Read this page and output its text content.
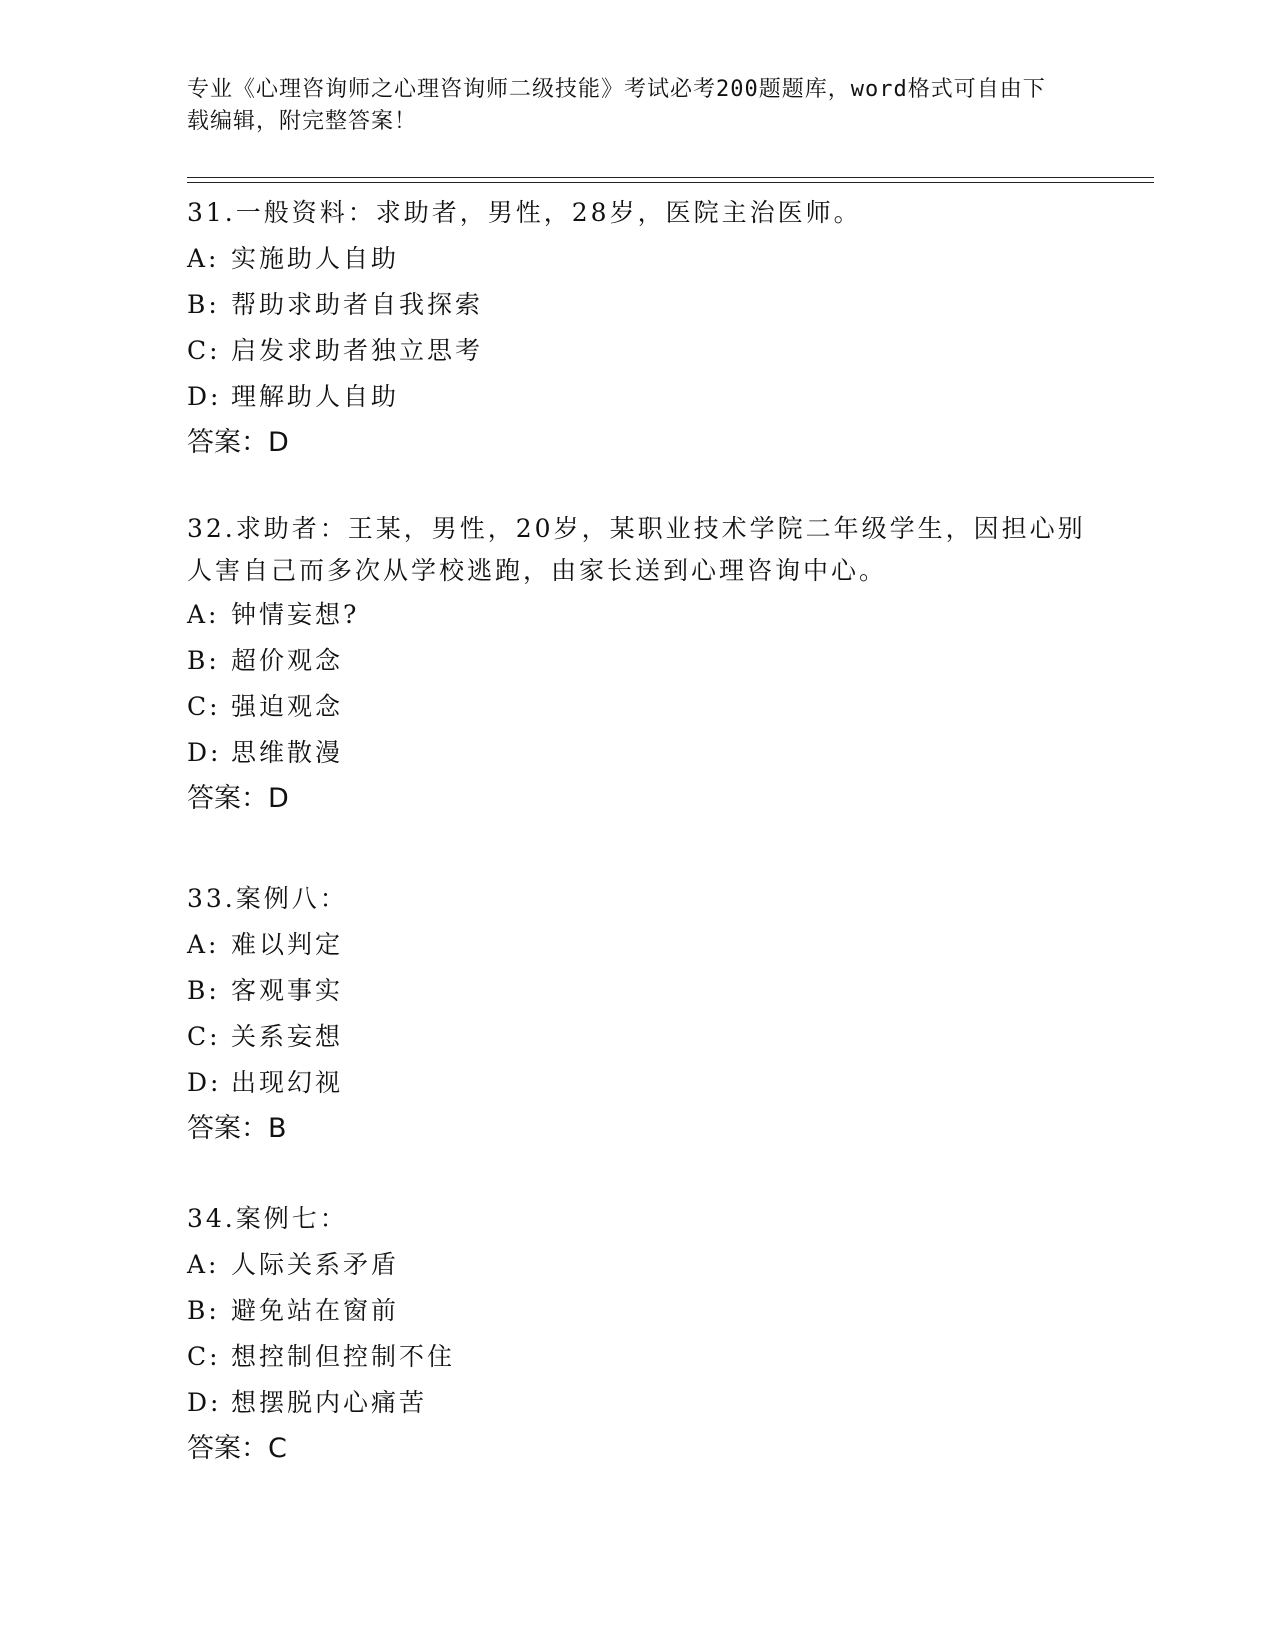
专业《心理咨询师之心理咨询师二级技能》考试必考200题题库，word格式可自由下载编辑，附完整答案！
31.一般资料：求助者，男性，28岁，医院主治医师。
A: 实施助人自助
B: 帮助求助者自我探索
C: 启发求助者独立思考
D: 理解助人自助
答案：D
32.求助者：王某，男性，20岁，某职业技术学院二年级学生，因担心别人害自己而多次从学校逃跑，由家长送到心理咨询中心。
A: 钟情妄想?
B: 超价观念
C: 强迫观念
D: 思维散漫
答案：D
33.案例八：
A: 难以判定
B: 客观事实
C: 关系妄想
D: 出现幻视
答案：B
34.案例七：
A: 人际关系矛盾
B: 避免站在窗前
C: 想控制但控制不住
D: 想摆脱内心痛苦
答案：C
